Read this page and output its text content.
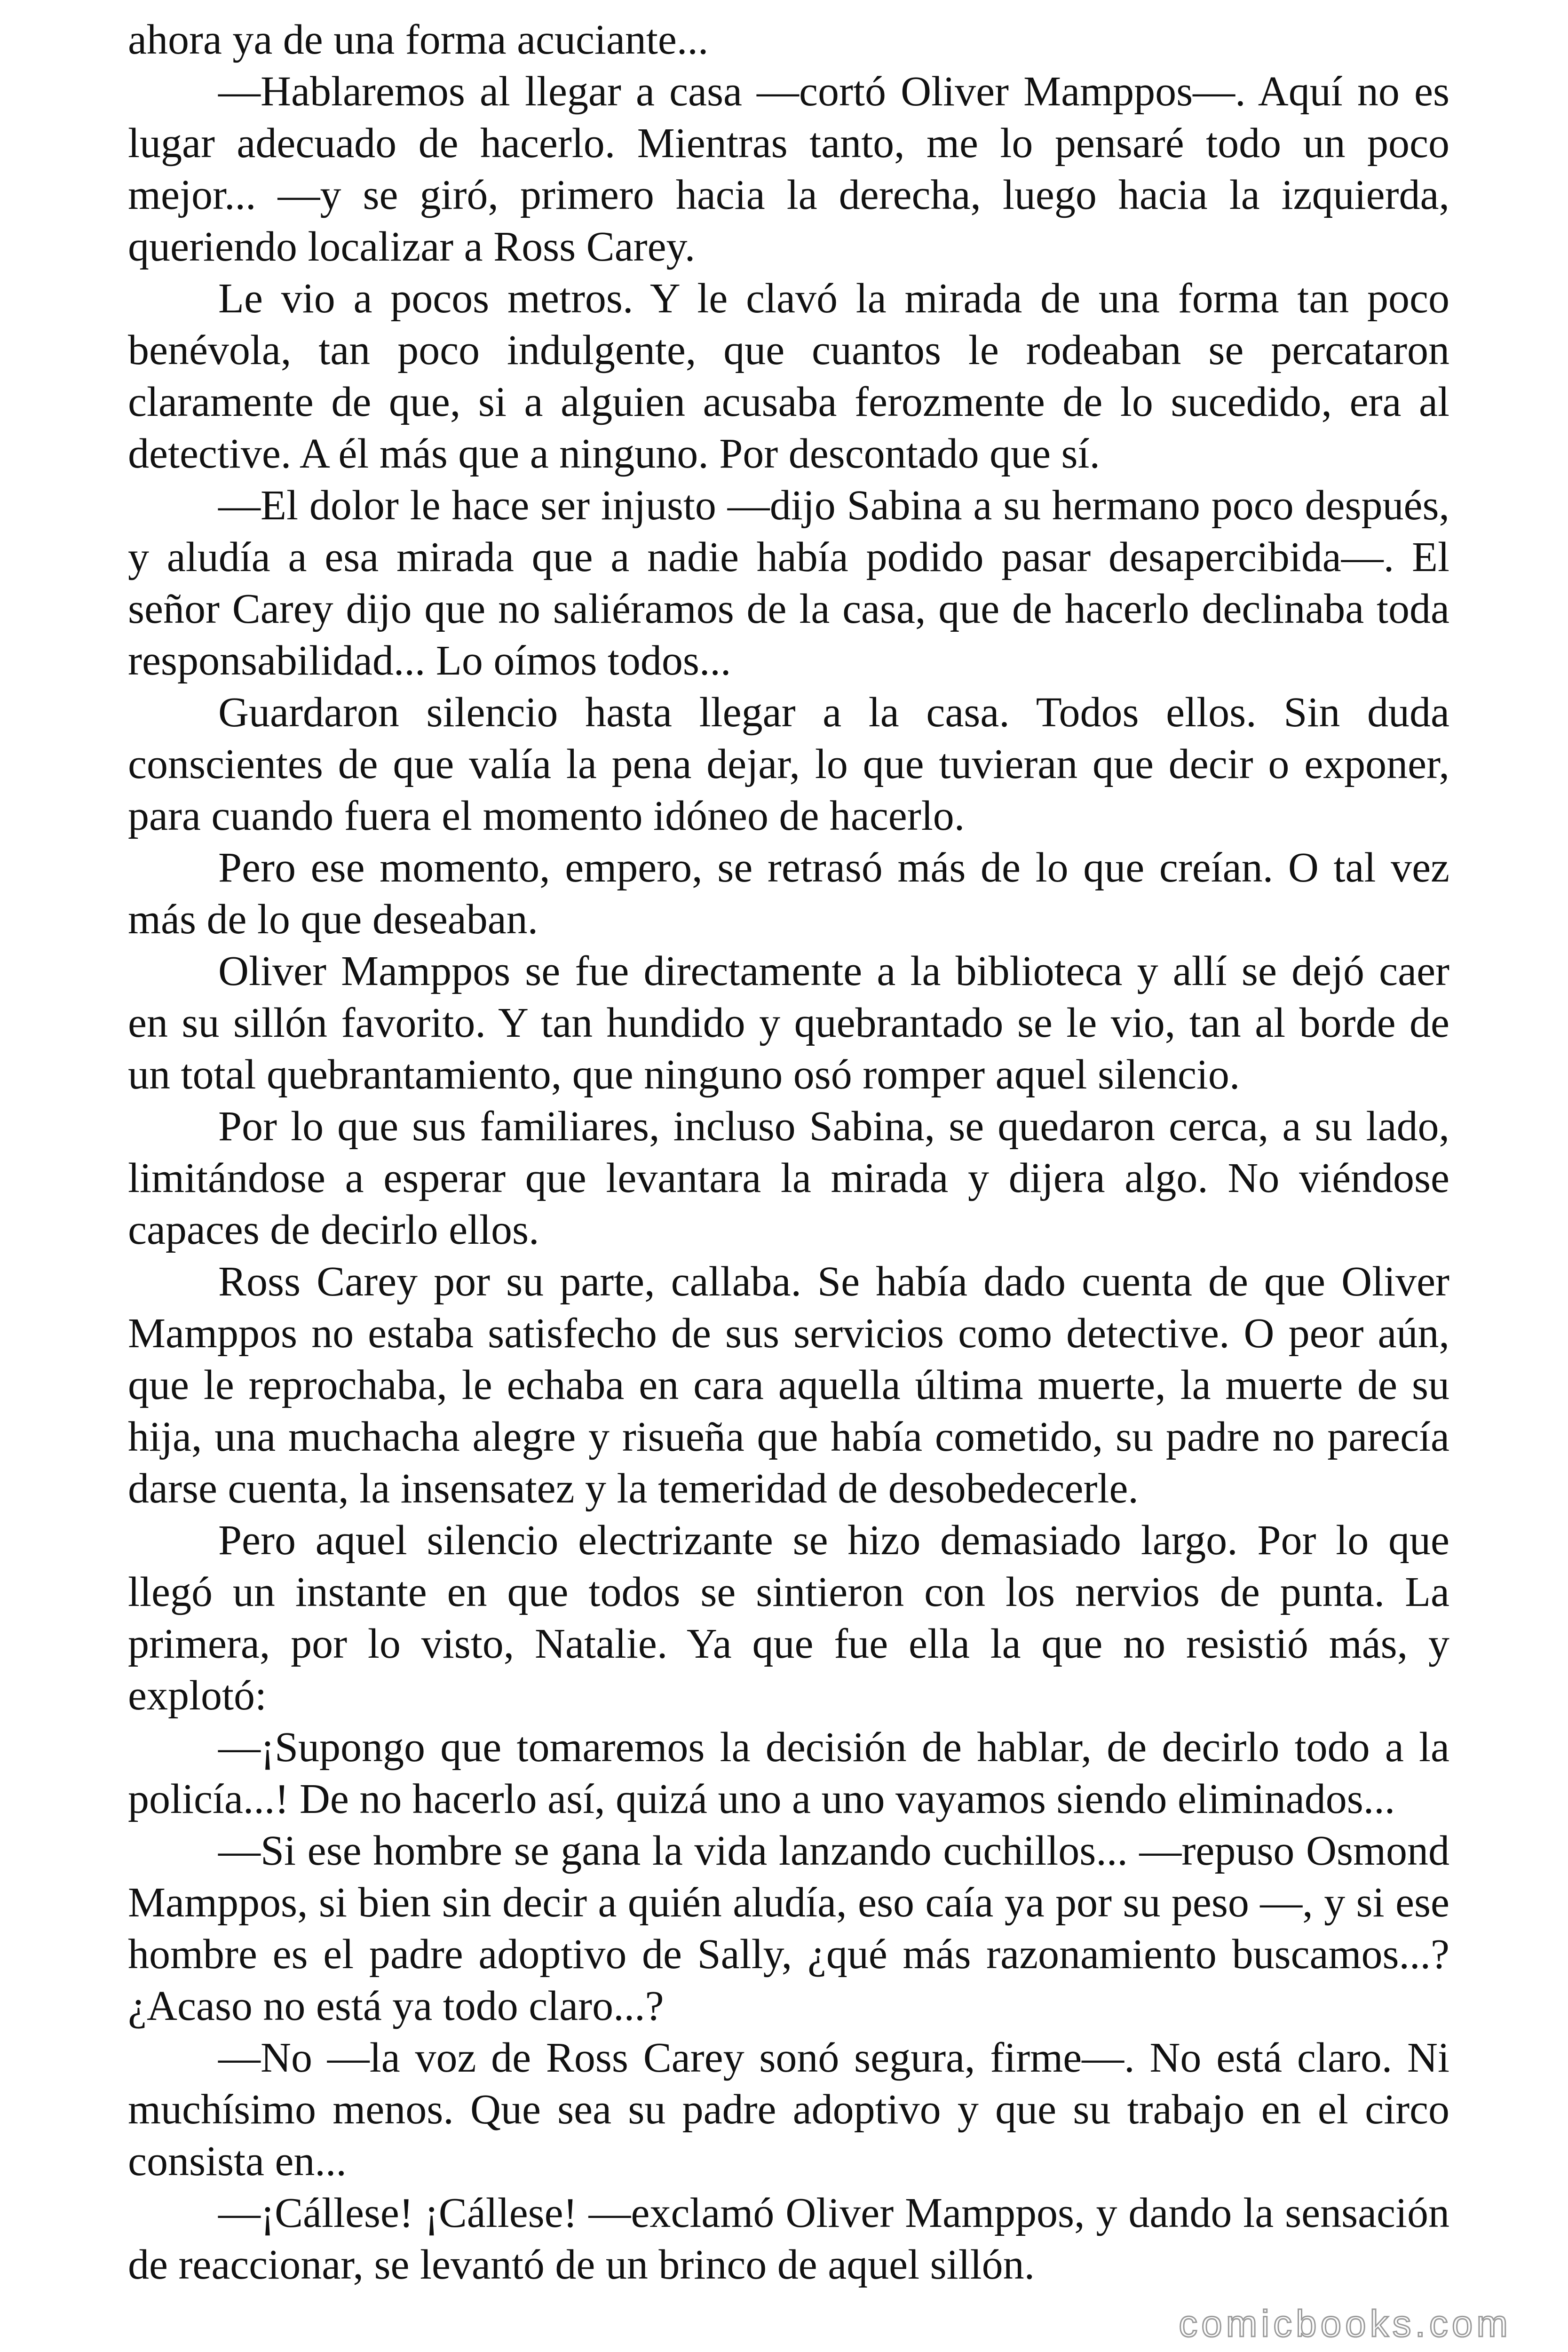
ahora ya de una forma acuciante...

—Hablaremos al llegar a casa —cortó Oliver Mamppos—. Aquí no es lugar adecuado de hacerlo. Mientras tanto, me lo pensaré todo un poco mejor... —y se giró, primero hacia la derecha, luego hacia la izquierda, queriendo localizar a Ross Carey.

Le vio a pocos metros. Y le clavó la mirada de una forma tan poco benévola, tan poco indulgente, que cuantos le rodeaban se percataron claramente de que, si a alguien acusaba ferozmente de lo sucedido, era al detective. A él más que a ninguno. Por descontado que sí.

—El dolor le hace ser injusto —dijo Sabina a su hermano poco después, y aludía a esa mirada que a nadie había podido pasar desapercibida—. El señor Carey dijo que no saliéramos de la casa, que de hacerlo declinaba toda responsabilidad... Lo oímos todos...

Guardaron silencio hasta llegar a la casa. Todos ellos. Sin duda conscientes de que valía la pena dejar, lo que tuvieran que decir o exponer, para cuando fuera el momento idóneo de hacerlo.

Pero ese momento, empero, se retrasó más de lo que creían. O tal vez más de lo que deseaban.

Oliver Mamppos se fue directamente a la biblioteca y allí se dejó caer en su sillón favorito. Y tan hundido y quebrantado se le vio, tan al borde de un total quebrantamiento, que ninguno osó romper aquel silencio.

Por lo que sus familiares, incluso Sabina, se quedaron cerca, a su lado, limitándose a esperar que levantara la mirada y dijera algo. No viéndose capaces de decirlo ellos.

Ross Carey por su parte, callaba. Se había dado cuenta de que Oliver Mamppos no estaba satisfecho de sus servicios como detective. O peor aún, que le reprochaba, le echaba en cara aquella última muerte, la muerte de su hija, una muchacha alegre y risueña que había cometido, su padre no parecía darse cuenta, la insensatez y la temeridad de desobedecerle.

Pero aquel silencio electrizante se hizo demasiado largo. Por lo que llegó un instante en que todos se sintieron con los nervios de punta. La primera, por lo visto, Natalie. Ya que fue ella la que no resistió más, y explotó:

—¡Supongo que tomaremos la decisión de hablar, de decirlo todo a la policía...! De no hacerlo así, quizá uno a uno vayamos siendo eliminados...

—Si ese hombre se gana la vida lanzando cuchillos... —repuso Osmond Mamppos, si bien sin decir a quién aludía, eso caía ya por su peso —, y si ese hombre es el padre adoptivo de Sally, ¿qué más razonamiento buscamos...? ¿Acaso no está ya todo claro...?

—No —la voz de Ross Carey sonó segura, firme—. No está claro. Ni muchísimo menos. Que sea su padre adoptivo y que su trabajo en el circo consista en...

—¡Cállese! ¡Cállese! —exclamó Oliver Mamppos, y dando la sensación de reaccionar, se levantó de un brinco de aquel sillón.

comicbooks.com
